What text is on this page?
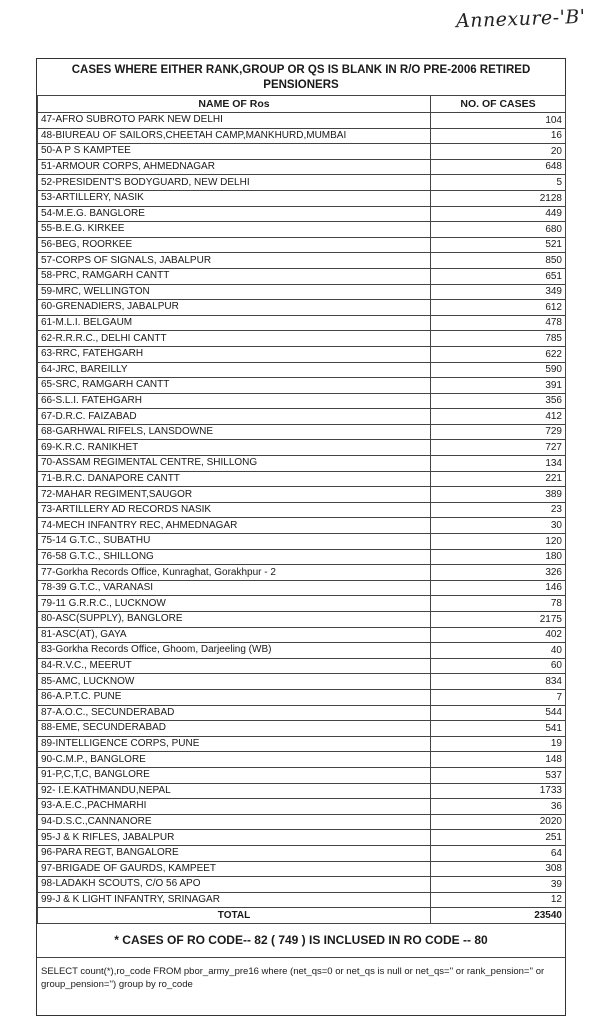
Annexure-'B'
CASES WHERE EITHER RANK,GROUP OR QS IS BLANK IN R/O PRE-2006 RETIRED PENSIONERS
NAME OF Ros	NO. OF CASES
47-AFRO SUBROTO PARK NEW DELHI	104
48-BIUREAU OF SAILORS,CHEETAH CAMP,MANKHURD,MUMBAI	16
50-A P S KAMPTEE	20
51-ARMOUR CORPS, AHMEDNAGAR	648
52-PRESIDENT'S BODYGUARD, NEW DELHI	5
53-ARTILLERY, NASIK	2128
54-M.E.G. BANGLORE	449
55-B.E.G. KIRKEE	680
56-BEG, ROORKEE	521
57-CORPS OF SIGNALS, JABALPUR	850
58-PRC, RAMGARH CANTT	651
59-MRC, WELLINGTON	349
60-GRENADIERS, JABALPUR	612
61-M.L.I. BELGAUM	478
62-R.R.R.C., DELHI CANTT	785
63-RRC, FATEHGARH	622
64-JRC, BAREILLY	590
65-SRC, RAMGARH CANTT	391
66-S.L.I. FATEHGARH	356
67-D.R.C. FAIZABAD	412
68-GARHWAL RIFELS, LANSDOWNE	729
69-K.R.C. RANIKHET	727
70-ASSAM REGIMENTAL CENTRE, SHILLONG	134
71-B.R.C. DANAPORE CANTT	221
72-MAHAR REGIMENT,SAUGOR	389
73-ARTILLERY AD RECORDS NASIK	23
74-MECH INFANTRY REC, AHMEDNAGAR	30
75-14 G.T.C., SUBATHU	120
76-58 G.T.C., SHILLONG	180
77-Gorkha Records Office, Kunraghat, Gorakhpur - 2	326
78-39 G.T.C., VARANASI	146
79-11 G.R.R.C., LUCKNOW	78
80-ASC(SUPPLY), BANGLORE	2175
81-ASC(AT), GAYA	402
83-Gorkha Records Office, Ghoom, Darjeeling (WB)	40
84-R.V.C., MEERUT	60
85-AMC, LUCKNOW	834
86-A.P.T.C. PUNE	7
87-A.O.C., SECUNDERABAD	544
88-EME, SECUNDERABAD	541
89-INTELLIGENCE CORPS, PUNE	19
90-C.M.P., BANGLORE	148
91-P,C,T,C, BANGLORE	537
92- I.E.KATHMANDU,NEPAL	1733
93-A.E.C.,PACHMARHI	36
94-D.S.C.,CANNANORE	2020
95-J & K RIFLES, JABALPUR	251
96-PARA REGT, BANGALORE	64
97-BRIGADE OF GAURDS, KAMPEET	308
98-LADAKH SCOUTS, C/O 56 APO	39
99-J & K LIGHT INFANTRY, SRINAGAR	12
TOTAL	23540
* CASES OF RO CODE-- 82 ( 749 ) IS INCLUSED IN RO CODE -- 80
SELECT count(*),ro_code FROM pbor_army_pre16 where (net_qs=0 or net_qs is null or net_qs='' or rank_pension='' or group_pension='') group by ro_code
